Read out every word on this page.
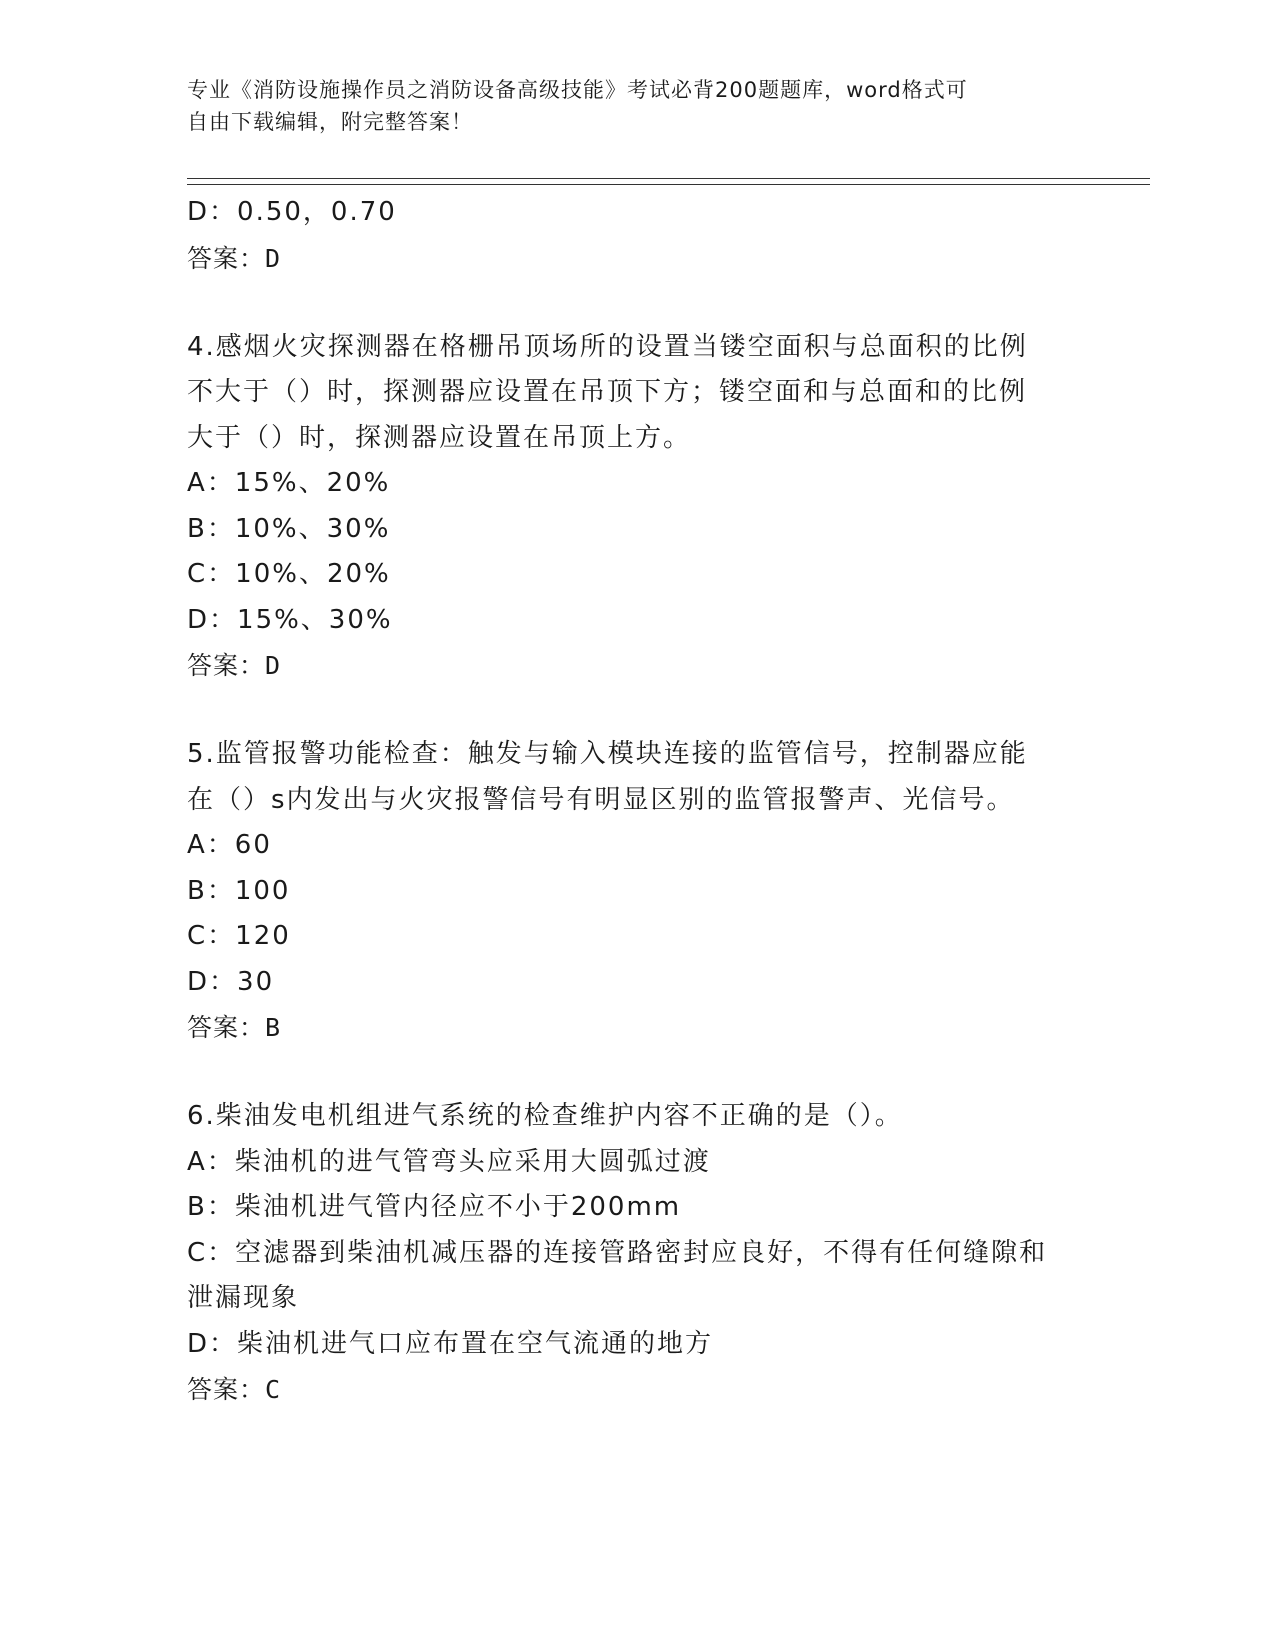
专业《消防设施操作员之消防设备高级技能》考试必背200题题库，word格式可
自由下载编辑，附完整答案！
D：0.50，0.70
答案：D
4.感烟火灾探测器在格栅吊顶场所的设置当镂空面积与总面积的比例
不大于（）时，探测器应设置在吊顶下方；镂空面和与总面和的比例
大于（）时，探测器应设置在吊顶上方。
A：15%、20%
B：10%、30%
C：10%、20%
D：15%、30%
答案：D
5.监管报警功能检查：触发与输入模块连接的监管信号，控制器应能
在（）s内发出与火灾报警信号有明显区别的监管报警声、光信号。
A：60
B：100
C：120
D：30
答案：B
6.柴油发电机组进气系统的检查维护内容不正确的是（）。
A：柴油机的进气管弯头应采用大圆弧过渡
B：柴油机进气管内径应不小于200mm
C：空滤器到柴油机减压器的连接管路密封应良好，不得有任何缝隙和
泄漏现象
D：柴油机进气口应布置在空气流通的地方
答案：C
